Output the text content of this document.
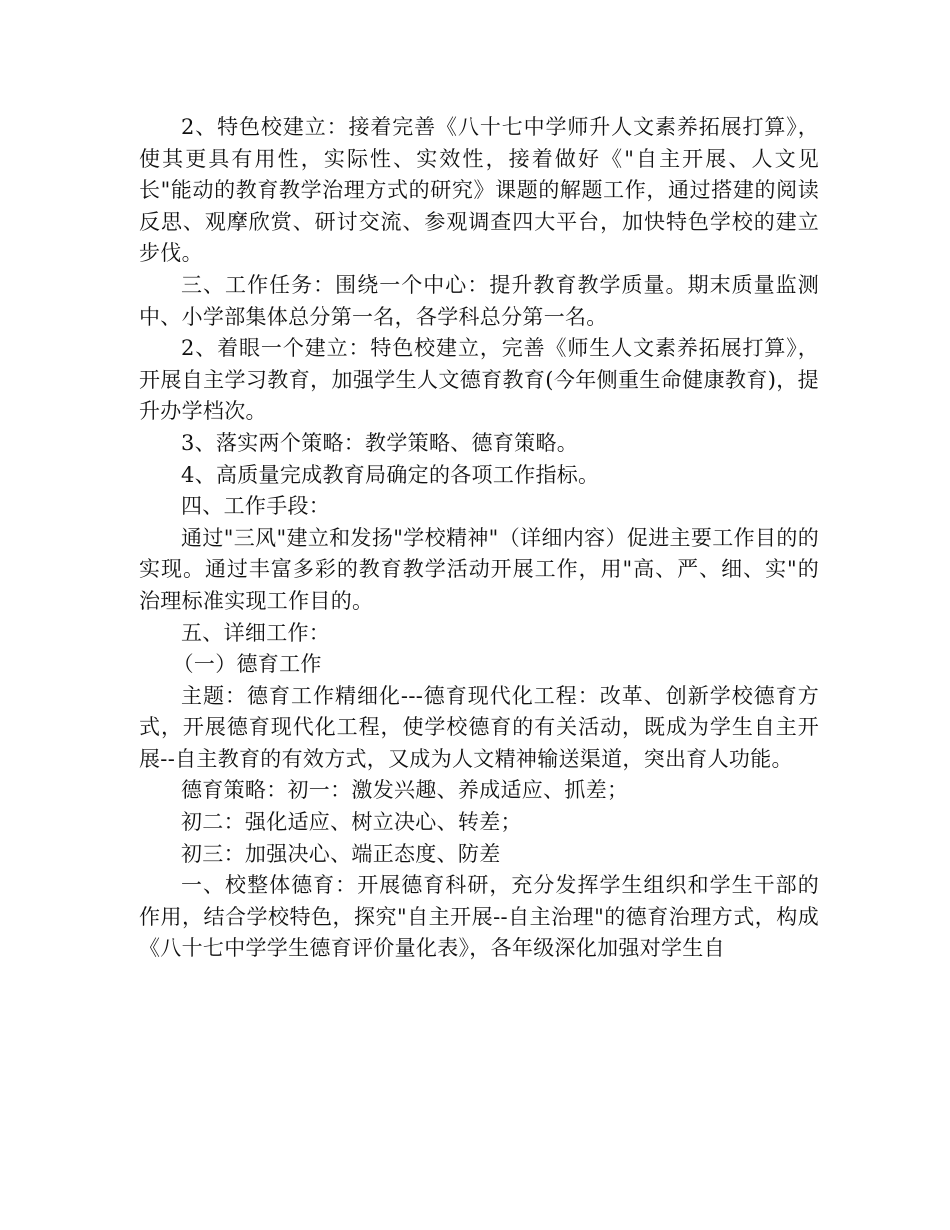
2、特色校建立：接着完善《八十七中学师升人文素养拓展打算》，使其更具有用性，实际性、实效性，接着做好《"自主开展、人文见长"能动的教育教学治理方式的研究》课题的解题工作，通过搭建的阅读反思、观摩欣赏、研讨交流、参观调查四大平台，加快特色学校的建立步伐。

三、工作任务：围绕一个中心：提升教育教学质量。期末质量监测中、小学部集体总分第一名，各学科总分第一名。

2、着眼一个建立：特色校建立，完善《师生人文素养拓展打算》，开展自主学习教育，加强学生人文德育教育(今年侧重生命健康教育)，提升办学档次。

3、落实两个策略：教学策略、德育策略。

4、高质量完成教育局确定的各项工作指标。

四、工作手段：

通过"三风"建立和发扬"学校精神"（详细内容）促进主要工作目的的实现。通过丰富多彩的教育教学活动开展工作，用"高、严、细、实"的治理标准实现工作目的。

五、详细工作：

（一）德育工作

主题：德育工作精细化---德育现代化工程：改革、创新学校德育方式，开展德育现代化工程，使学校德育的有关活动，既成为学生自主开展--自主教育的有效方式，又成为人文精神输送渠道，突出育人功能。

德育策略：初一：激发兴趣、养成适应、抓差；

初二：强化适应、树立决心、转差；

初三：加强决心、端正态度、防差

一、校整体德育：开展德育科研，充分发挥学生组织和学生干部的作用，结合学校特色，探究"自主开展--自主治理"的德育治理方式，构成《八十七中学学生德育评价量化表》，各年级深化加强对学生自
